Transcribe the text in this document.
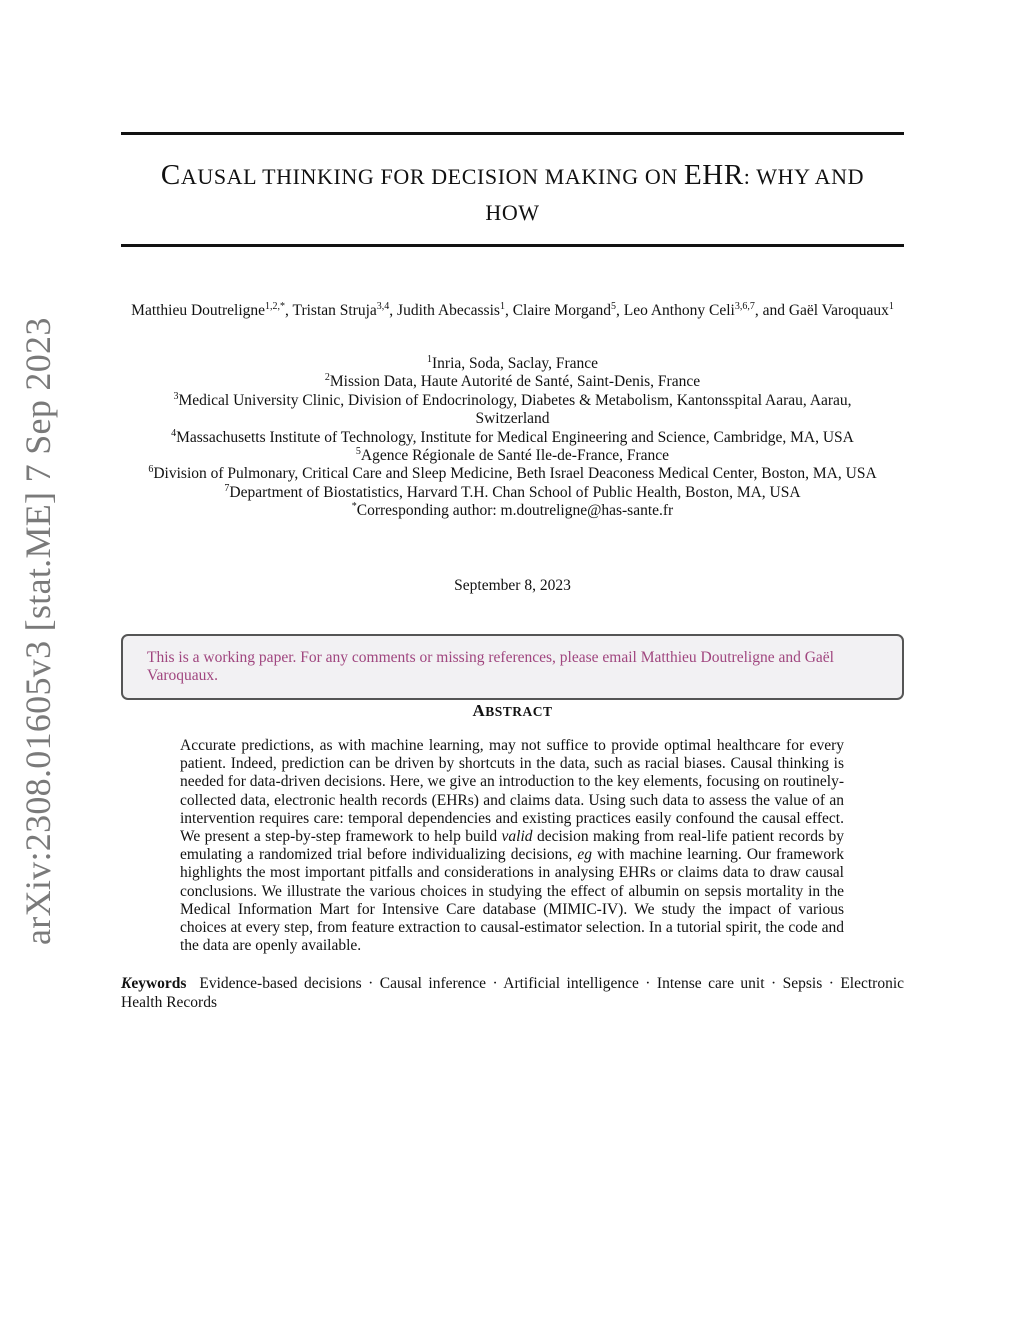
arXiv:2308.01605v3 [stat.ME] 7 Sep 2023
CAUSAL THINKING FOR DECISION MAKING ON EHR: WHY AND
HOW
Matthieu Doutreligne$^{1,2,*}$, Tristan Struja$^{3,4}$, Judith Abecassis$^1$, Claire Morgand$^5$, Leo Anthony Celi$^{3,6,7}$, and Gaël Varoquaux$^1$
$^1$Inria, Soda, Saclay, France
$^2$Mission Data, Haute Autorité de Santé, Saint-Denis, France
$^3$Medical University Clinic, Division of Endocrinology, Diabetes & Metabolism, Kantonsspital Aarau, Aarau, Switzerland
$^4$Massachusetts Institute of Technology, Institute for Medical Engineering and Science, Cambridge, MA, USA
$^5$Agence Régionale de Santé Ile-de-France, France
$^6$Division of Pulmonary, Critical Care and Sleep Medicine, Beth Israel Deaconess Medical Center, Boston, MA, USA
$^7$Department of Biostatistics, Harvard T.H. Chan School of Public Health, Boston, MA, USA
*Corresponding author: m.doutreligne@has-sante.fr
September 8, 2023
This is a working paper. For any comments or missing references, please email Matthieu Doutreligne and Gaël Varoquaux.
ABSTRACT
Accurate predictions, as with machine learning, may not suffice to provide optimal healthcare for every patient. Indeed, prediction can be driven by shortcuts in the data, such as racial biases. Causal thinking is needed for data-driven decisions. Here, we give an introduction to the key elements, focusing on routinely-collected data, electronic health records (EHRs) and claims data. Using such data to assess the value of an intervention requires care: temporal dependencies and existing practices easily confound the causal effect. We present a step-by-step framework to help build valid decision making from real-life patient records by emulating a randomized trial before individualizing decisions, eg with machine learning. Our framework highlights the most important pitfalls and considerations in analysing EHRs or claims data to draw causal conclusions. We illustrate the various choices in studying the effect of albumin on sepsis mortality in the Medical Information Mart for Intensive Care database (MIMIC-IV). We study the impact of various choices at every step, from feature extraction to causal-estimator selection. In a tutorial spirit, the code and the data are openly available.
Keywords Evidence-based decisions · Causal inference · Artificial intelligence · Intense care unit · Sepsis · Electronic Health Records
